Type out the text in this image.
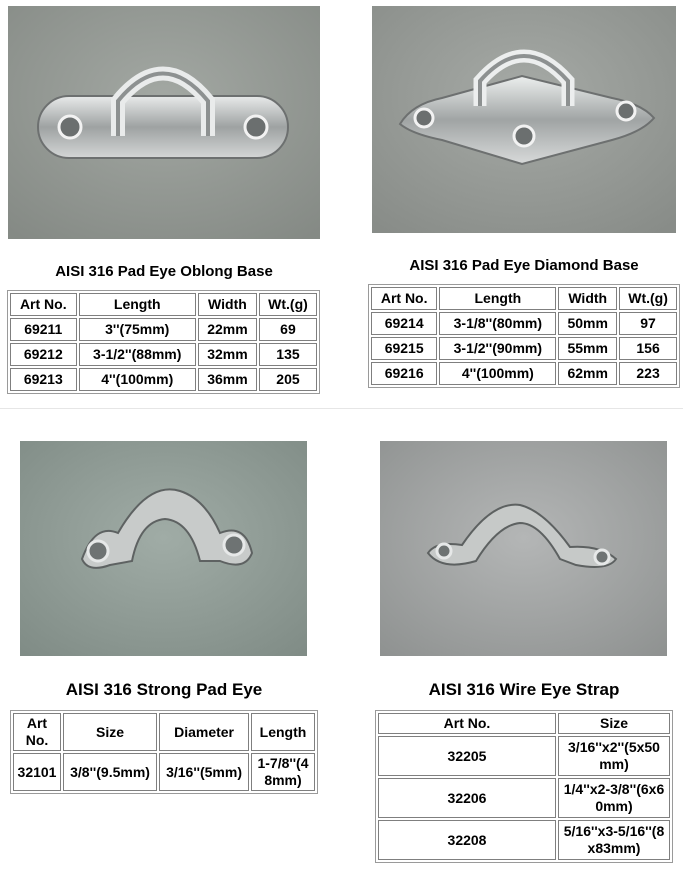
AISI 316 Pad Eye Oblong Base
Art No.	Length	Width	Wt.(g)
69211	3''(75mm)	22mm	69
69212	3-1/2''(88mm)	32mm	135
69213	4''(100mm)	36mm	205
AISI 316 Pad Eye Diamond Base
Art No.	Length	Width	Wt.(g)
69214	3-1/8''(80mm)	50mm	97
69215	3-1/2''(90mm)	55mm	156
69216	4''(100mm)	62mm	223
AISI 316 Strong Pad Eye
Art No.	Size	Diameter	Length
32101	3/8''(9.5mm)	3/16''(5mm)	1-7/8''(48mm)
AISI 316 Wire Eye Strap
Art No.	Size
32205	3/16''x2''(5x50mm)
32206	1/4''x2-3/8''(6x60mm)
32208	5/16''x3-5/16''(8x83mm)
